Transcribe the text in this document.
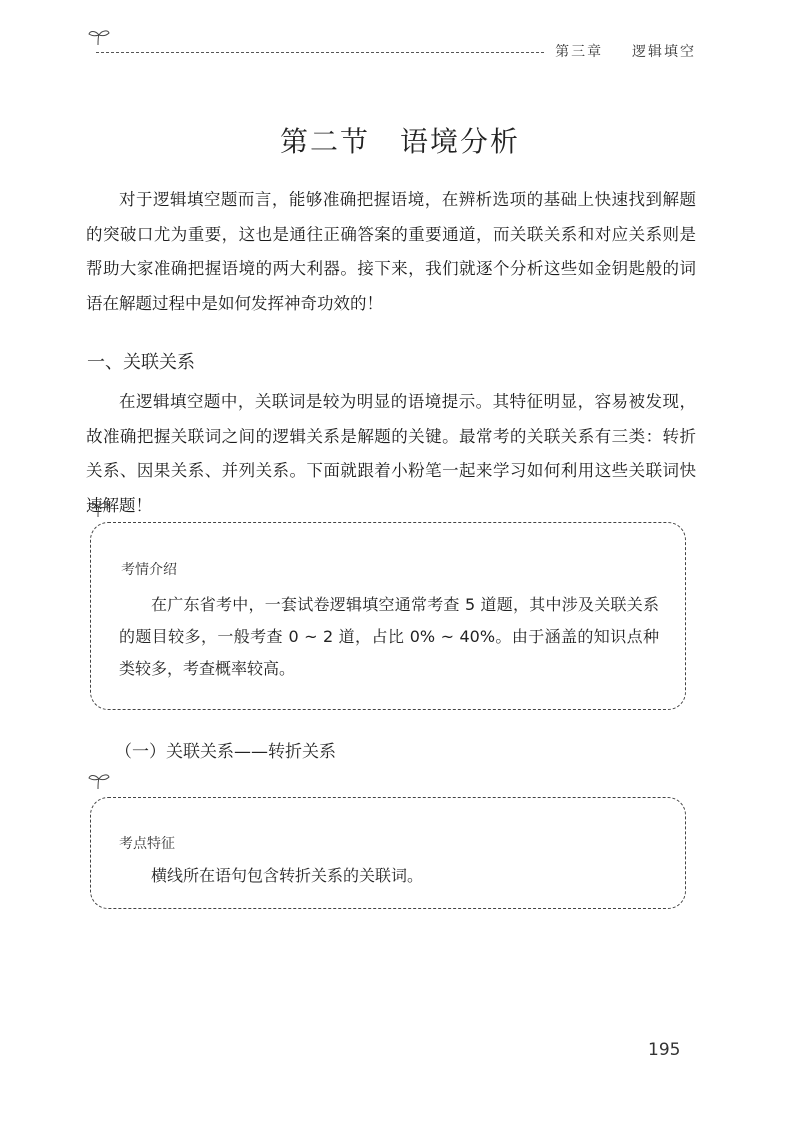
第三章 逻辑填空
第二节　语境分析
对于逻辑填空题而言，能够准确把握语境，在辨析选项的基础上快速找到解题的突破口尤为重要，这也是通往正确答案的重要通道，而关联关系和对应关系则是帮助大家准确把握语境的两大利器。接下来，我们就逐个分析这些如金钥匙般的词语在解题过程中是如何发挥神奇功效的！
一、关联关系
在逻辑填空题中，关联词是较为明显的语境提示。其特征明显，容易被发现，故准确把握关联词之间的逻辑关系是解题的关键。最常考的关联关系有三类：转折关系、因果关系、并列关系。下面就跟着小粉笔一起来学习如何利用这些关联词快速解题！
考情介绍
在广东省考中，一套试卷逻辑填空通常考查 5 道题，其中涉及关联关系的题目较多，一般考查 0 ~ 2 道，占比 0% ~ 40%。由于涵盖的知识点种类较多，考查概率较高。
（一）关联关系——转折关系
考点特征
横线所在语句包含转折关系的关联词。
195
